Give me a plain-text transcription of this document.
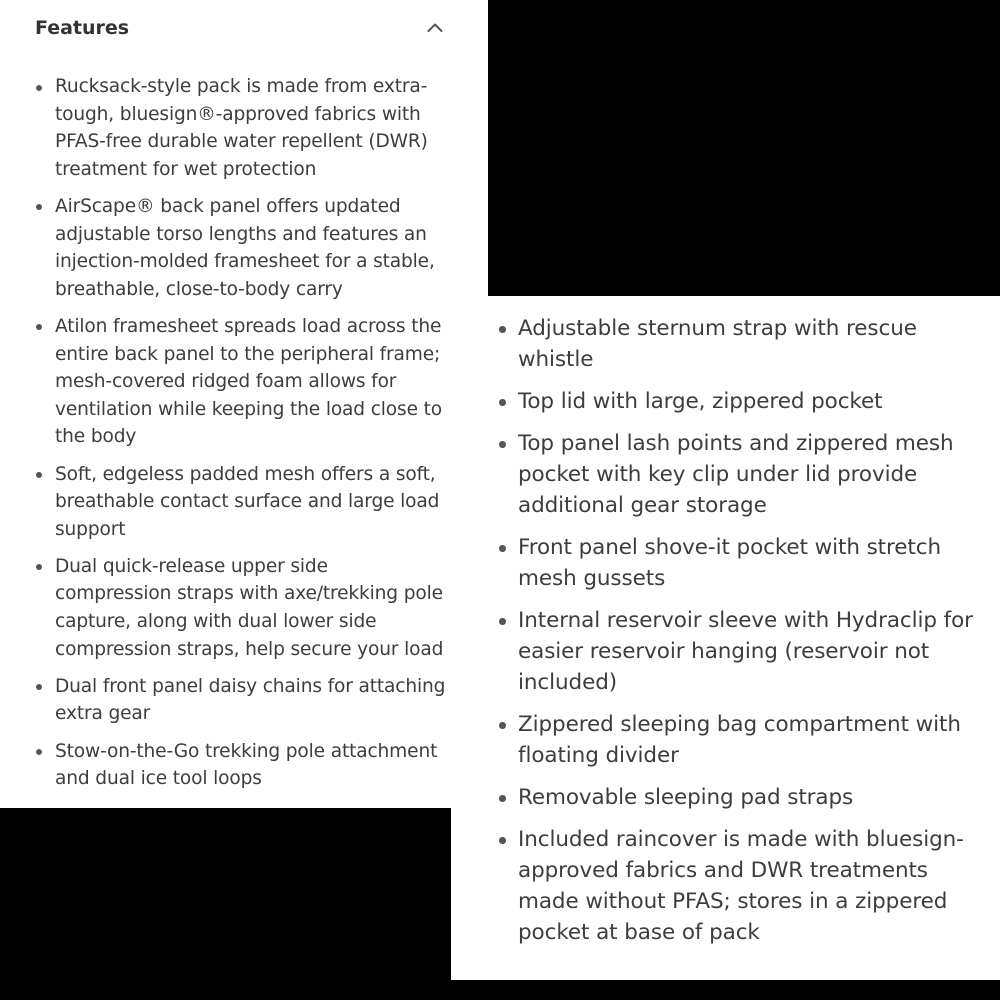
Features
Rucksack-style pack is made from extra-
tough, bluesign®-approved fabrics with
PFAS-free durable water repellent (DWR)
treatment for wet protection
AirScape® back panel offers updated
adjustable torso lengths and features an
injection-molded framesheet for a stable,
breathable, close-to-body carry
Atilon framesheet spreads load across the
entire back panel to the peripheral frame;
mesh-covered ridged foam allows for
ventilation while keeping the load close to
the body
Soft, edgeless padded mesh offers a soft,
breathable contact surface and large load
support
Dual quick-release upper side
compression straps with axe/trekking pole
capture, along with dual lower side
compression straps, help secure your load
Dual front panel daisy chains for attaching
extra gear
Stow-on-the-Go trekking pole attachment
and dual ice tool loops
Adjustable sternum strap with rescue
whistle
Top lid with large, zippered pocket
Top panel lash points and zippered mesh
pocket with key clip under lid provide
additional gear storage
Front panel shove-it pocket with stretch
mesh gussets
Internal reservoir sleeve with Hydraclip for
easier reservoir hanging (reservoir not
included)
Zippered sleeping bag compartment with
floating divider
Removable sleeping pad straps
Included raincover is made with bluesign-
approved fabrics and DWR treatments
made without PFAS; stores in a zippered
pocket at base of pack
